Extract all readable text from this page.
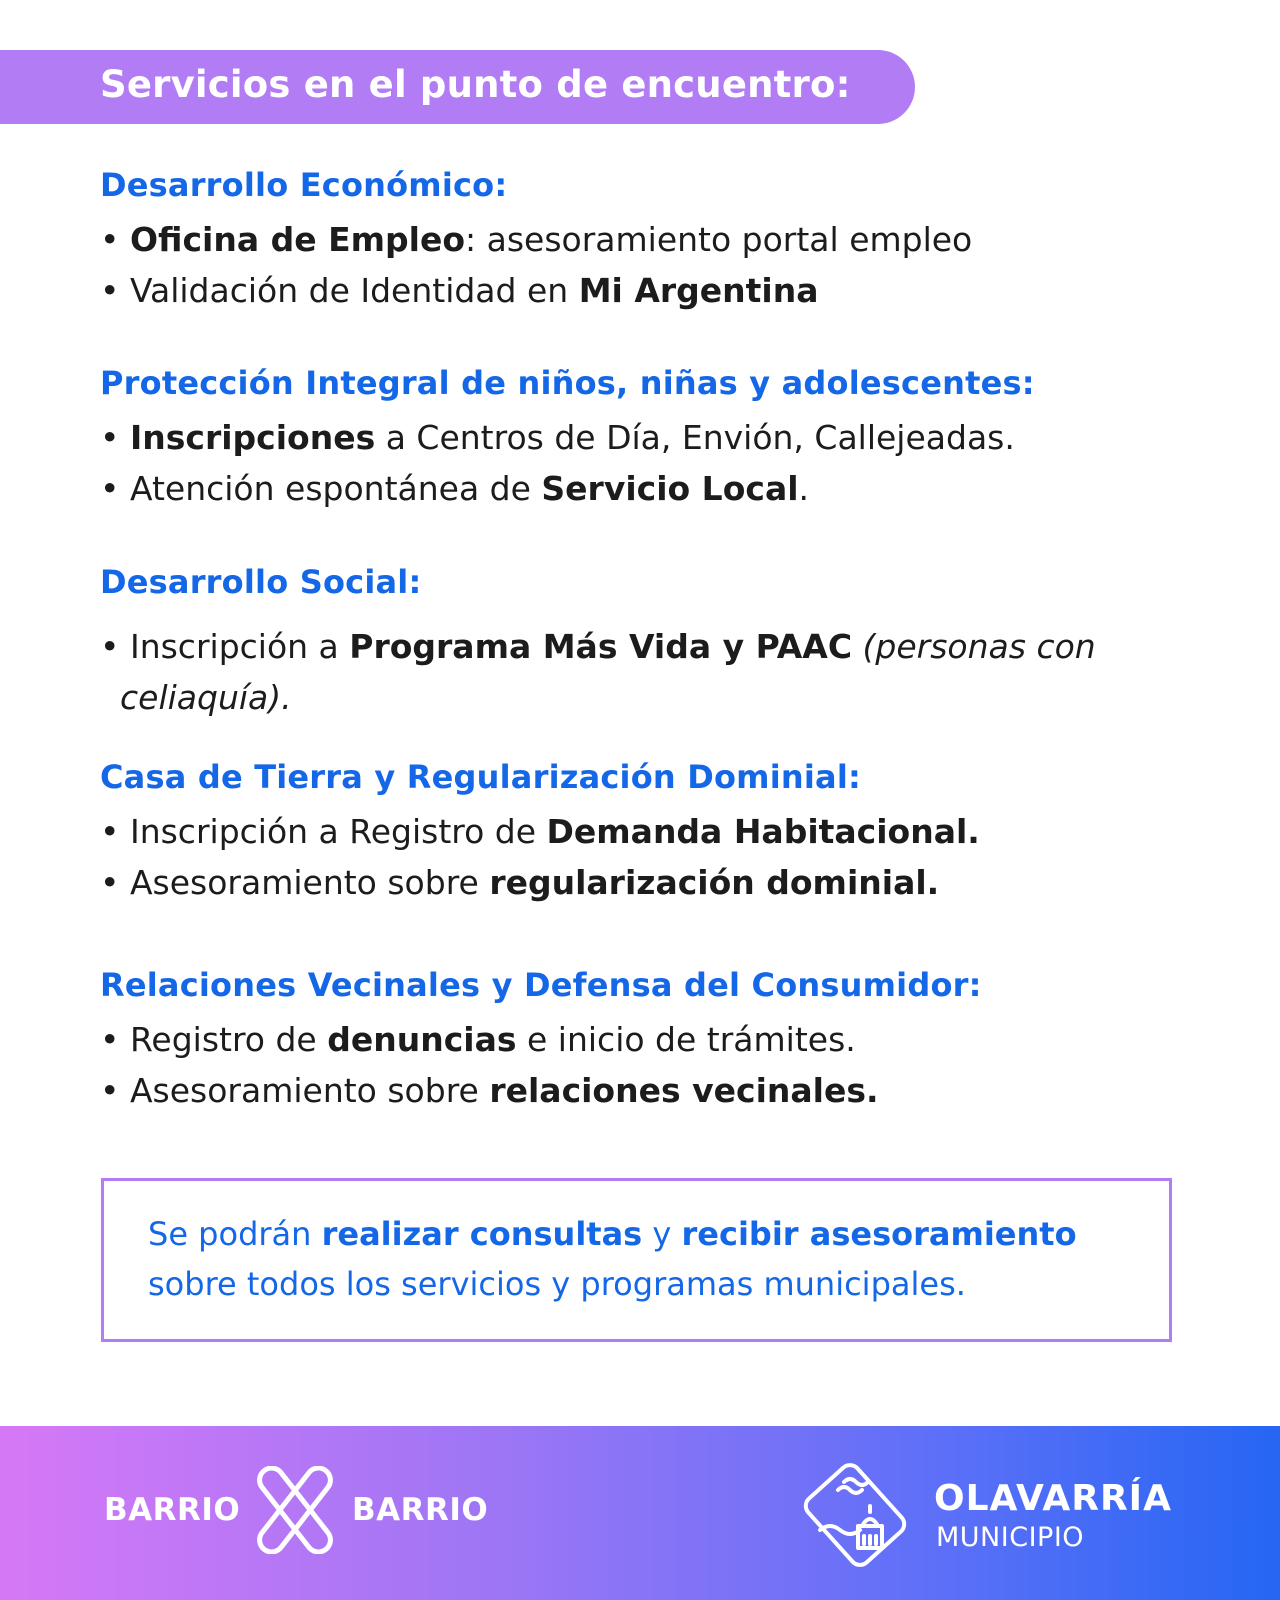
Servicios en el punto de encuentro:

Desarrollo Económico:

• Oficina de Empleo: asesoramiento portal empleo

• Validación de Identidad en Mi Argentina

Protección Integral de niños, niñas y adolescentes:

• Inscripciones a Centros de Día, Envión, Callejeadas.

• Atención espontánea de Servicio Local.

Desarrollo Social:

• Inscripción a Programa Más Vida y PAAC (personas con celiaquía).

Casa de Tierra y Regularización Dominial:

• Inscripción a Registro de Demanda Habitacional.

• Asesoramiento sobre regularización dominial.

Relaciones Vecinales y Defensa del Consumidor:

• Registro de denuncias e inicio de trámites.

• Asesoramiento sobre relaciones vecinales.

Se podrán realizar consultas y recibir asesoramiento
sobre todos los servicios y programas municipales.

BARRIO	BARRIO	OLAVARRÍA
MUNICIPIO
